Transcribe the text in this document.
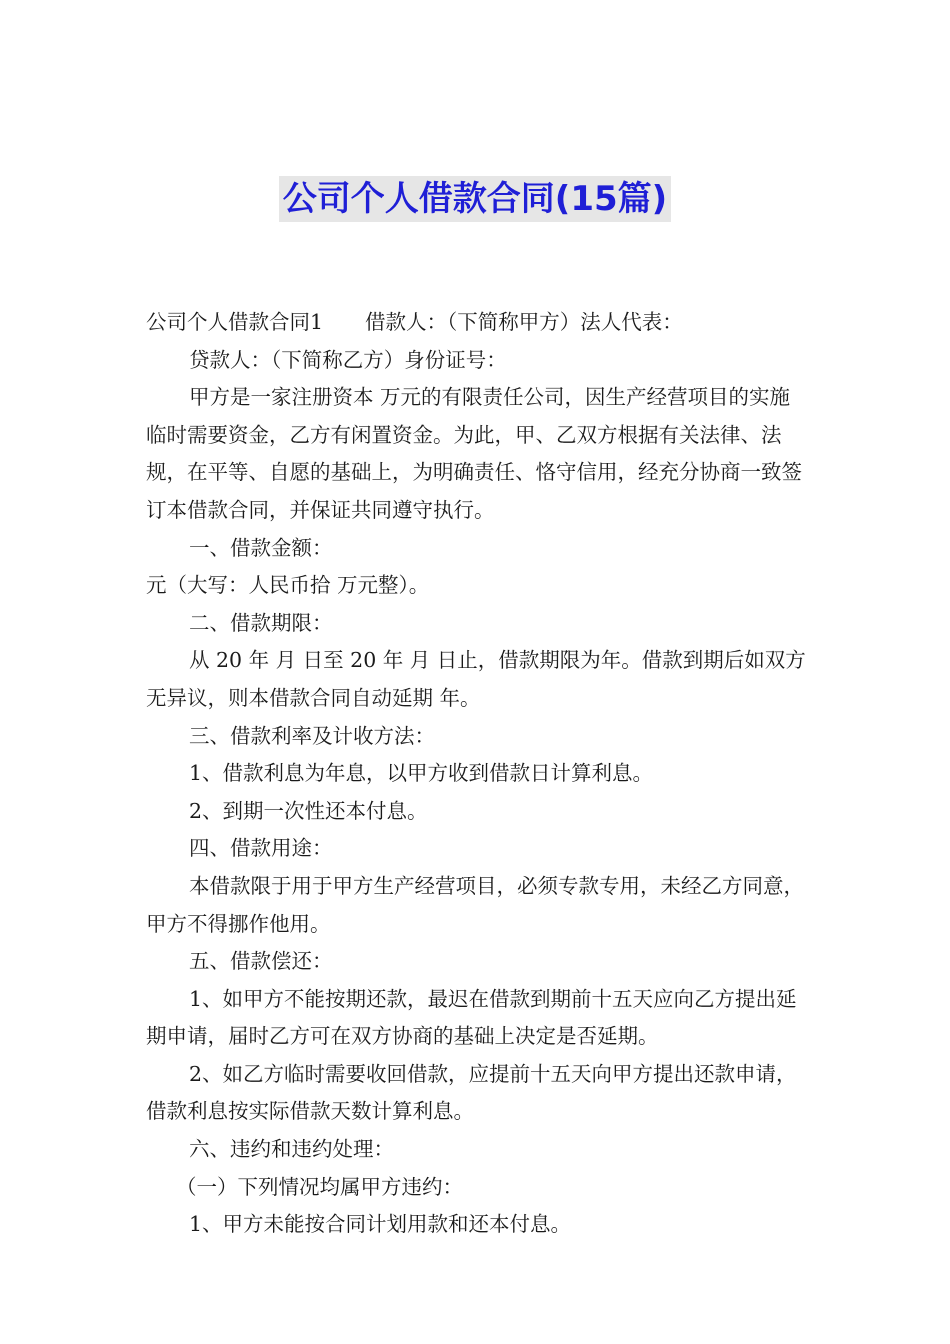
公司个人借款合同(15篇)

公司个人借款合同1 借款人：（下简称甲方）法人代表：

贷款人：（下简称乙方）身份证号：

甲方是一家注册资本 万元的有限责任公司，因生产经营项目的实施临时需要资金，乙方有闲置资金。为此，甲、乙双方根据有关法律、法规，在平等、自愿的基础上，为明确责任、恪守信用，经充分协商一致签订本借款合同，并保证共同遵守执行。

一、借款金额：

元（大写：人民币拾 万元整）。

二、借款期限：

从 20 年 月 日至 20 年 月 日止，借款期限为年。借款到期后如双方无异议，则本借款合同自动延期 年。

三、借款利率及计收方法：

1、借款利息为年息，以甲方收到借款日计算利息。

2、到期一次性还本付息。

四、借款用途：

本借款限于用于甲方生产经营项目，必须专款专用，未经乙方同意，甲方不得挪作他用。

五、借款偿还：

1、如甲方不能按期还款，最迟在借款到期前十五天应向乙方提出延期申请，届时乙方可在双方协商的基础上决定是否延期。

2、如乙方临时需要收回借款，应提前十五天向甲方提出还款申请，借款利息按实际借款天数计算利息。

六、违约和违约处理：

（一）下列情况均属甲方违约：

1、甲方未能按合同计划用款和还本付息。
